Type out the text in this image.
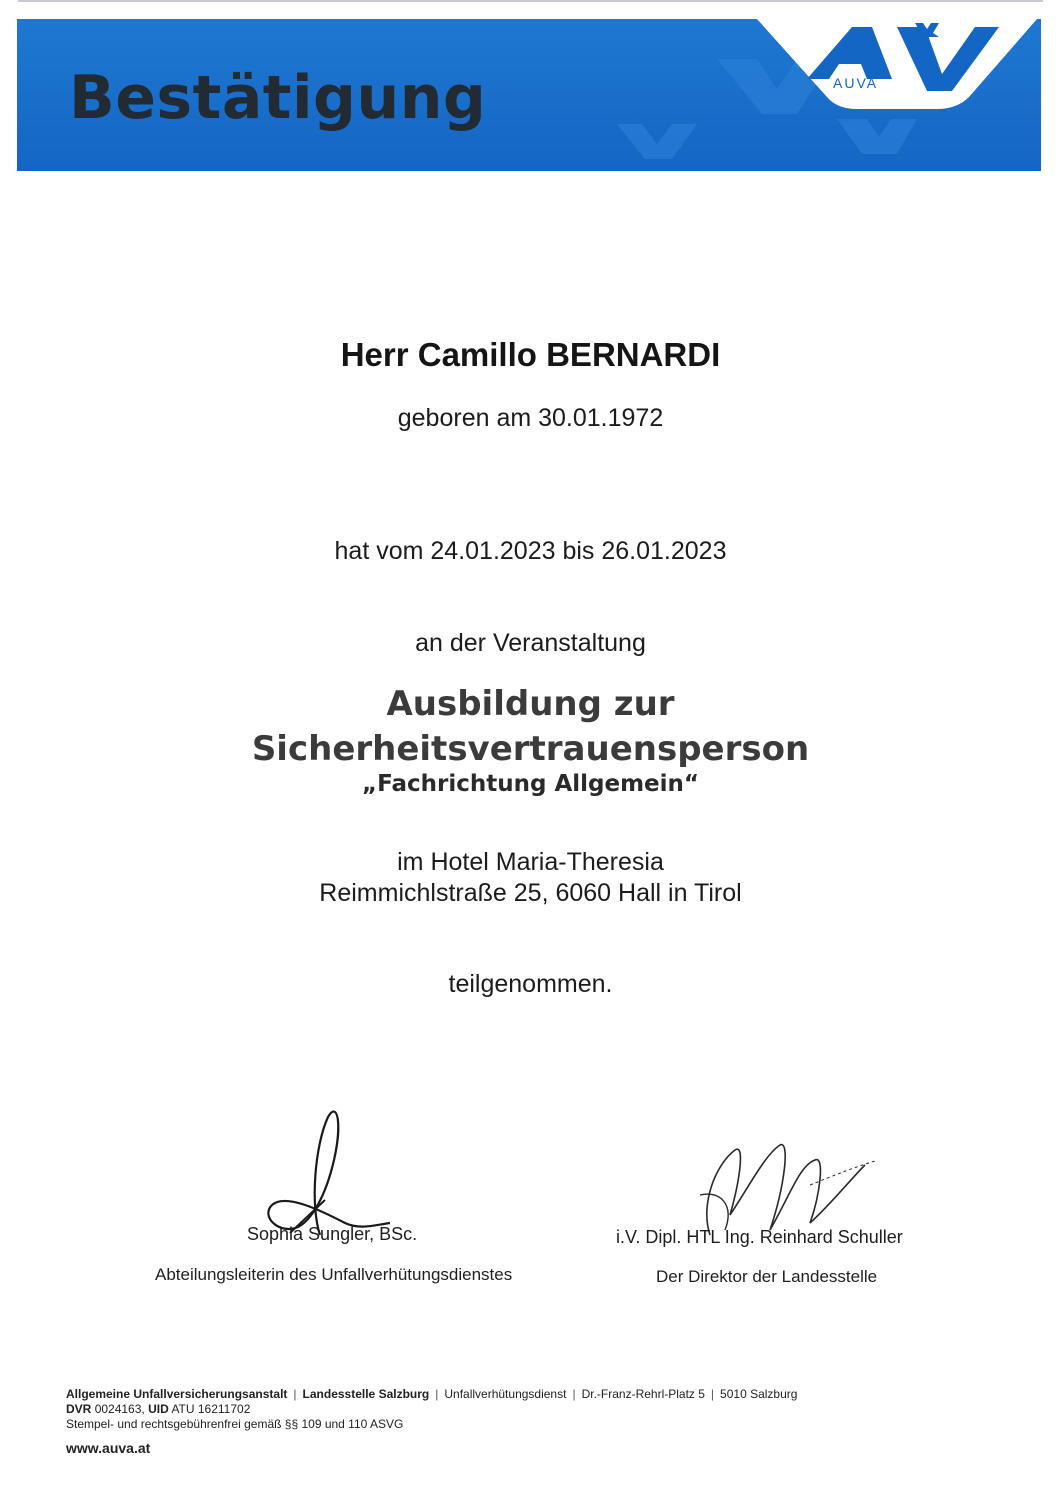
Bestätigung	AUVA
Herr Camillo BERNARDI
geboren am 30.01.1972
hat vom 24.01.2023 bis 26.01.2023
an der Veranstaltung
Ausbildung zur
Sicherheitsvertrauensperson
„Fachrichtung Allgemein“
im Hotel Maria-Theresia
Reimmichlstraße 25, 6060 Hall in Tirol
teilgenommen.
Sophia Sungler, BSc.
Abteilungsleiterin des Unfallverhütungsdienstes
i.V. Dipl. HTL Ing. Reinhard Schuller
Der Direktor der Landesstelle
Allgemeine Unfallversicherungsanstalt | Landesstelle Salzburg | Unfallverhütungsdienst | Dr.-Franz-Rehrl-Platz 5 | 5010 Salzburg
DVR 0024163, UID ATU 16211702
Stempel- und rechtsgebührenfrei gemäß §§ 109 und 110 ASVG
www.auva.at
